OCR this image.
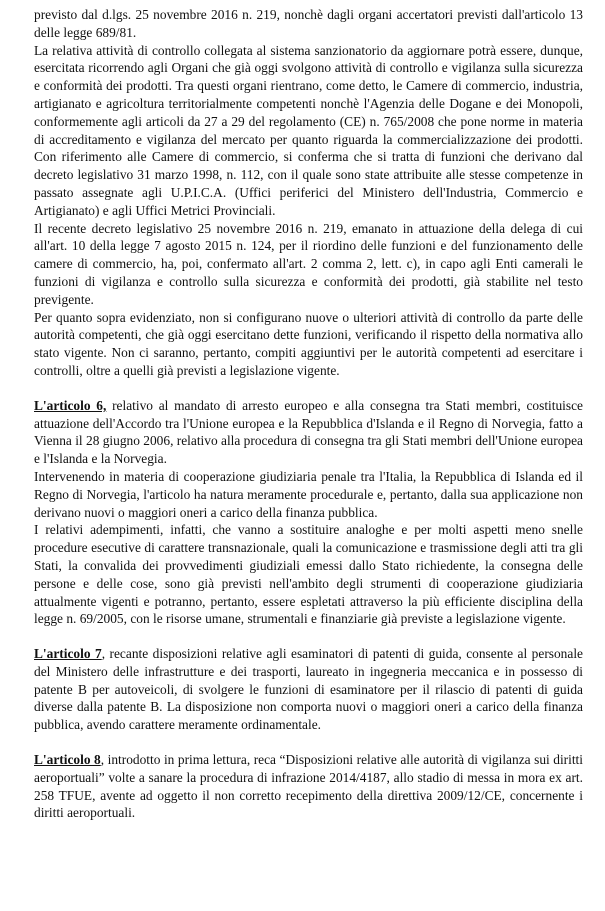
previsto dal d.lgs. 25 novembre 2016 n. 219, nonchè dagli organi accertatori previsti dall'articolo 13 delle legge 689/81.

La relativa attività di controllo collegata al sistema sanzionatorio da aggiornare potrà essere, dunque, esercitata ricorrendo agli Organi che già oggi svolgono attività di controllo e vigilanza sulla sicurezza e conformità dei prodotti. Tra questi organi rientrano, come detto, le Camere di commercio, industria, artigianato e agricoltura territorialmente competenti nonchè l'Agenzia delle Dogane e dei Monopoli, conformemente agli articoli da 27 a 29 del regolamento (CE) n. 765/2008 che pone norme in materia di accreditamento e vigilanza del mercato per quanto riguarda la commercializzazione dei prodotti. Con riferimento alle Camere di commercio, si conferma che si tratta di funzioni che derivano dal decreto legislativo 31 marzo 1998, n. 112, con il quale sono state attribuite alle stesse competenze in passato assegnate agli U.P.I.C.A. (Uffici periferici del Ministero dell'Industria, Commercio e Artigianato) e agli Uffici Metrici Provinciali.

Il recente decreto legislativo 25 novembre 2016 n. 219, emanato in attuazione della delega di cui all'art. 10 della legge 7 agosto 2015 n. 124, per il riordino delle funzioni e del funzionamento delle camere di commercio, ha, poi, confermato all'art. 2 comma 2, lett. c), in capo agli Enti camerali le funzioni di vigilanza e controllo sulla sicurezza e conformità dei prodotti, già stabilite nel testo previgente.

Per quanto sopra evidenziato, non si configurano nuove o ulteriori attività di controllo da parte delle autorità competenti, che già oggi esercitano dette funzioni, verificando il rispetto della normativa allo stato vigente. Non ci saranno, pertanto, compiti aggiuntivi per le autorità competenti ad esercitare i controlli, oltre a quelli già previsti a legislazione vigente.

L'articolo 6, relativo al mandato di arresto europeo e alla consegna tra Stati membri, costituisce attuazione dell'Accordo tra l'Unione europea e la Repubblica d'Islanda e il Regno di Norvegia, fatto a Vienna il 28 giugno 2006, relativo alla procedura di consegna tra gli Stati membri dell'Unione europea e l'Islanda e la Norvegia.

Intervenendo in materia di cooperazione giudiziaria penale tra l'Italia, la Repubblica di Islanda ed il Regno di Norvegia, l'articolo ha natura meramente procedurale e, pertanto, dalla sua applicazione non derivano nuovi o maggiori oneri a carico della finanza pubblica.

I relativi adempimenti, infatti, che vanno a sostituire analoghe e per molti aspetti meno snelle procedure esecutive di carattere transnazionale, quali la comunicazione e trasmissione degli atti tra gli Stati, la convalida dei provvedimenti giudiziali emessi dallo Stato richiedente, la consegna delle persone e delle cose, sono già previsti nell'ambito degli strumenti di cooperazione giudiziaria attualmente vigenti e potranno, pertanto, essere espletati attraverso la più efficiente disciplina della legge n. 69/2005, con le risorse umane, strumentali e finanziarie già previste a legislazione vigente.

L'articolo 7, recante disposizioni relative agli esaminatori di patenti di guida, consente al personale del Ministero delle infrastrutture e dei trasporti, laureato in ingegneria meccanica e in possesso di patente B per autoveicoli, di svolgere le funzioni di esaminatore per il rilascio di patenti di guida diverse dalla patente B. La disposizione non comporta nuovi o maggiori oneri a carico della finanza pubblica, avendo carattere meramente ordinamentale.

L'articolo 8, introdotto in prima lettura, reca “Disposizioni relative alle autorità di vigilanza sui diritti aeroportuali” volte a sanare la procedura di infrazione 2014/4187, allo stadio di messa in mora ex art. 258 TFUE, avente ad oggetto il non corretto recepimento della direttiva 2009/12/CE, concernente i diritti aeroportuali.
